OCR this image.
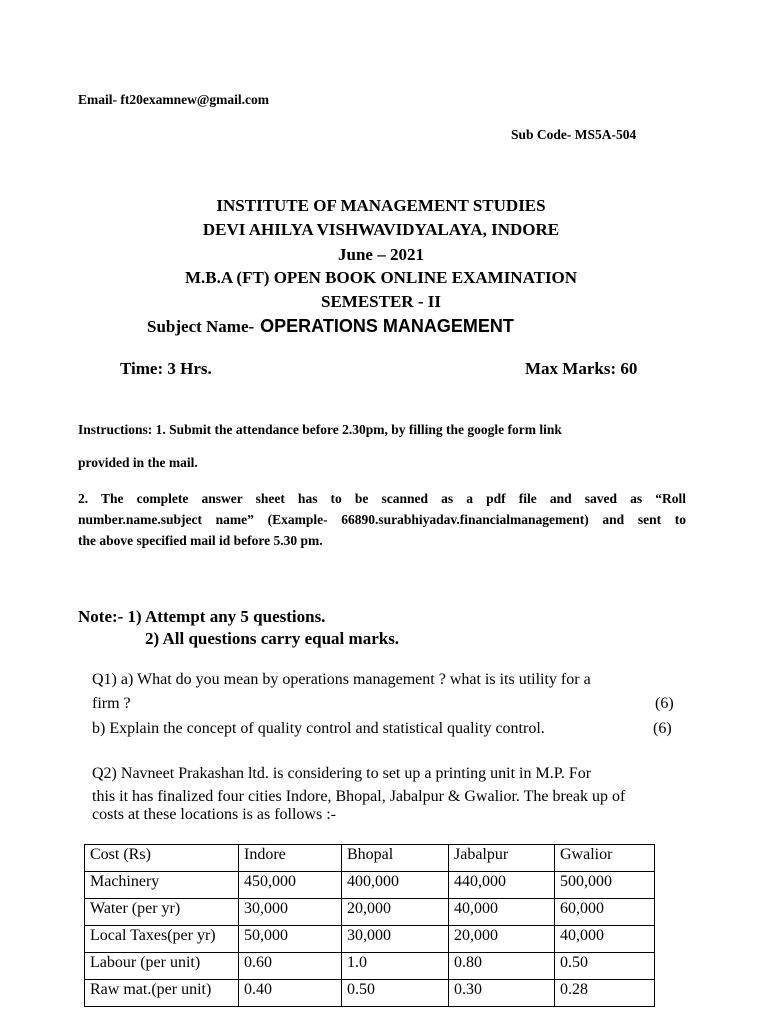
Email- ft20examnew@gmail.com
Sub Code- MS5A-504
INSTITUTE OF MANAGEMENT STUDIES
DEVI AHILYA VISHWAVIDYALAYA, INDORE
June – 2021
M.B.A (FT) OPEN BOOK ONLINE EXAMINATION
SEMESTER - II
Subject Name- OPERATIONS MANAGEMENT
Time: 3 Hrs.	Max Marks: 60
Instructions: 1. Submit the attendance before 2.30pm, by filling the google form link
provided in the mail.
2. The complete answer sheet has to be scanned as a pdf file and saved as “Roll
number.name.subject name” (Example- 66890.surabhiyadav.financialmanagement) and sent to
the above specified mail id before 5.30 pm.
Note:- 1) Attempt any 5 questions.
2) All questions carry equal marks.
Q1) a) What do you mean by operations management ? what is its utility for a
firm ?	(6)
b) Explain the concept of quality control and statistical quality control.	(6)
Q2) Navneet Prakashan ltd. is considering to set up a printing unit in M.P. For
this it has finalized four cities Indore, Bhopal, Jabalpur & Gwalior. The break up of
costs at these locations is as follows :-
Cost (Rs)	Indore	Bhopal	Jabalpur	Gwalior
Machinery	450,000	400,000	440,000	500,000
Water (per yr)	30,000	20,000	40,000	60,000
Local Taxes(per yr)	50,000	30,000	20,000	40,000
Labour (per unit)	0.60	1.0	0.80	0.50
Raw mat.(per unit)	0.40	0.50	0.30	0.28
